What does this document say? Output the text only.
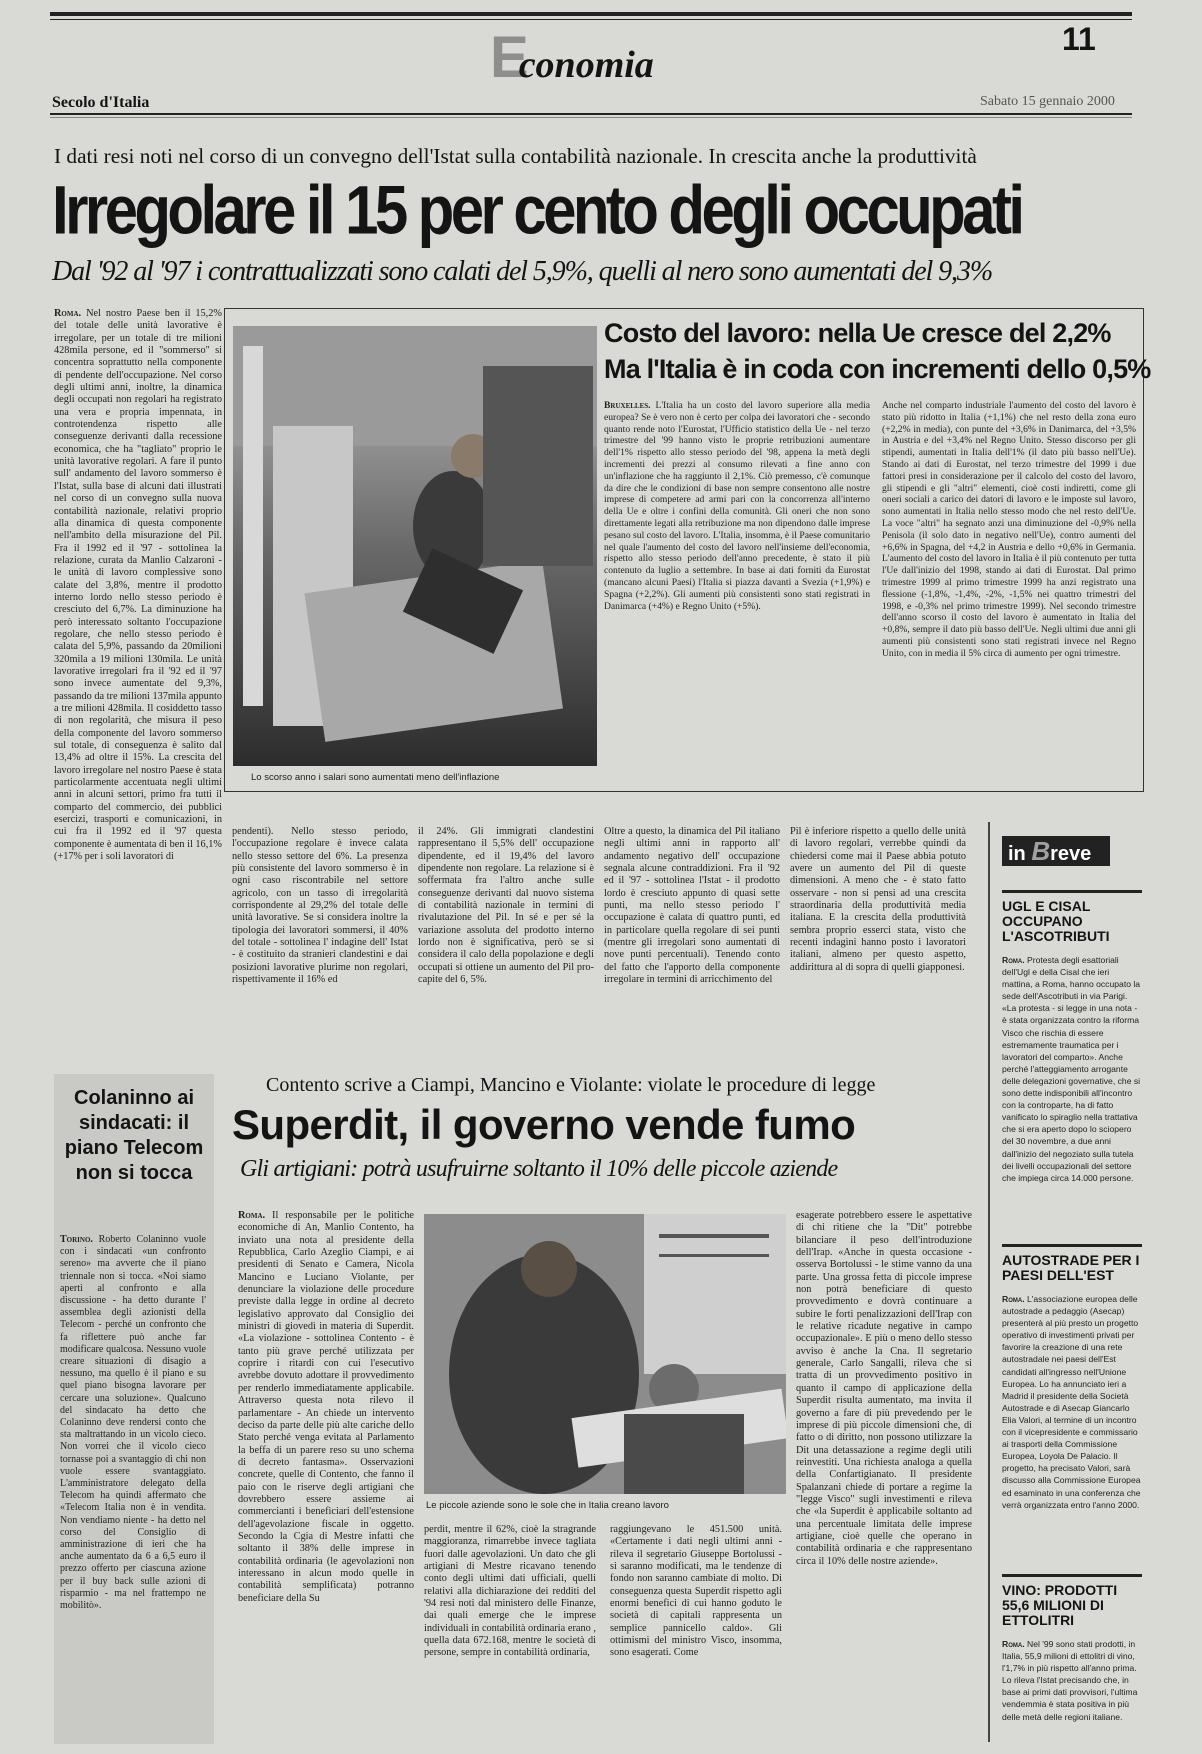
Economia
11
Secolo d'Italia	Sabato 15 gennaio 2000
I dati resi noti nel corso di un convegno dell'Istat sulla contabilità nazionale. In crescita anche la produttività
Irregolare il 15 per cento degli occupati
Dal '92 al '97 i contrattualizzati sono calati del 5,9%, quelli al nero sono aumentati del 9,3%
Roma. Nel nostro Paese ben il 15,2% del totale delle unità lavorative è irregolare, per un totale di tre milioni 428mila persone, ed il "sommerso" si concentra soprattutto nella componente di pendente dell'occupazione. Nel corso degli ultimi anni, inoltre, la dinamica degli occupati non regolari ha registrato una vera e propria impennata, in controtendenza rispetto alle conseguenze derivanti dalla recessione economica, che ha "tagliato" proprio le unità lavorative regolari. A fare il punto sull' andamento del lavoro sommerso è l'Istat, sulla base di alcuni dati illustrati nel corso di un convegno sulla nuova contabilità nazionale, relativi proprio alla dinamica di questa componente nell'ambito della misurazione del Pil. Fra il 1992 ed il '97 - sottolinea la relazione, curata da Manlio Calzaroni - le unità di lavoro complessive sono calate del 3,8%, mentre il prodotto interno lordo nello stesso periodo è cresciuto del 6,7%. La diminuzione ha però interessato soltanto l'occupazione regolare, che nello stesso periodo è calata del 5,9%, passando da 20milioni 320mila a 19 milioni 130mila. Le unità lavorative irregolari fra il '92 ed il '97 sono invece aumentate del 9,3%, passando da tre milioni 137mila appunto a tre milioni 428mila. Il cosiddetto tasso di non regolarità, che misura il peso della componente del lavoro sommerso sul totale, di conseguenza è salito dal 13,4% ad oltre il 15%. La crescita del lavoro irregolare nel nostro Paese è stata particolarmente accentuata negli ultimi anni in alcuni settori, primo fra tutti il comparto del commercio, dei pubblici esercizi, trasporti e comunicazioni, in cui fra il 1992 ed il '97 questa componente è aumentata di ben il 16,1% (+17% per i soli lavoratori di
Lo scorso anno i salari sono aumentati meno dell'inflazione
Costo del lavoro: nella Ue cresce del 2,2%
Ma l'Italia è in coda con incrementi dello 0,5%
Bruxelles. L'Italia ha un costo del lavoro superiore alla media europea? Se è vero non è certo per colpa dei lavoratori che - secondo quanto rende noto l'Eurostat, l'Ufficio statistico della Ue - nel terzo trimestre del '99 hanno visto le proprie retribuzioni aumentare dell'1% rispetto allo stesso periodo del '98, appena la metà degli incrementi dei prezzi al consumo rilevati a fine anno con un'inflazione che ha raggiunto il 2,1%. Ciò premesso, c'è comunque da dire che le condizioni di base non sempre consentono alle nostre imprese di competere ad armi pari con la concorrenza all'interno della Ue e oltre i confini della comunità. Gli oneri che non sono direttamente legati alla retribuzione ma non dipendono dalle imprese pesano sul costo del lavoro. L'Italia, insomma, è il Paese comunitario nel quale l'aumento del costo del lavoro nell'insieme dell'economia, rispetto allo stesso periodo dell'anno precedente, è stato il più contenuto da luglio a settembre. In base ai dati forniti da Eurostat (mancano alcuni Paesi) l'Italia si piazza davanti a Svezia (+1,9%) e Spagna (+2,2%). Gli aumenti più consistenti sono stati registrati in Danimarca (+4%) e Regno Unito (+5%).
Anche nel comparto industriale l'aumento del costo del lavoro è stato più ridotto in Italia (+1,1%) che nel resto della zona euro (+2,2% in media), con punte del +3,6% in Danimarca, del +3,5% in Austria e del +3,4% nel Regno Unito. Stesso discorso per gli stipendi, aumentati in Italia dell'1% (il dato più basso nell'Ue). Stando ai dati di Eurostat, nel terzo trimestre del 1999 i due fattori presi in considerazione per il calcolo del costo del lavoro, gli stipendi e gli "altri" elementi, cioè costi indiretti, come gli oneri sociali a carico dei datori di lavoro e le imposte sul lavoro, sono aumentati in Italia nello stesso modo che nel resto dell'Ue. La voce "altri" ha segnato anzi una diminuzione del -0,9% nella Penisola (il solo dato in negativo nell'Ue), contro aumenti del +6,6% in Spagna, del +4,2 in Austria e dello +0,6% in Germania. L'aumento del costo del lavoro in Italia è il più contenuto per tutta l'Ue dall'inizio del 1998, stando ai dati di Eurostat. Dal primo trimestre 1999 al primo trimestre 1999 ha anzi registrato una flessione (-1,8%, -1,4%, -2%, -1,5% nei quattro trimestri del 1998, e -0,3% nel primo trimestre 1999). Nel secondo trimestre dell'anno scorso il costo del lavoro è aumentato in Italia del +0,8%, sempre il dato più basso dell'Ue. Negli ultimi due anni gli aumenti più consistenti sono stati registrati invece nel Regno Unito, con in media il 5% circa di aumento per ogni trimestre.
pendenti). Nello stesso periodo, l'occupazione regolare è invece calata nello stesso settore del 6%. La presenza più consistente del lavoro sommerso è in ogni caso riscontrabile nel settore agricolo, con un tasso di irregolarità corrispondente al 29,2% del totale delle unità lavorative. Se si considera inoltre la tipologia dei lavoratori sommersi, il 40% del totale - sottolinea l' indagine dell' Istat - è costituito da stranieri clandestini e dai posizioni lavorative plurime non regolari, rispettivamente il 16% ed
il 24%. Gli immigrati clandestini rappresentano il 5,5% dell' occupazione dipendente, ed il 19,4% del lavoro dipendente non regolare. La relazione si è soffermata fra l'altro anche sulle conseguenze derivanti dal nuovo sistema di contabilità nazionale in termini di rivalutazione del Pil. In sé e per sé la variazione assoluta del prodotto interno lordo non è significativa, però se si considera il calo della popolazione e degli occupati si ottiene un aumento del Pil pro-capite del 6, 5%.
Oltre a questo, la dinamica del Pil italiano negli ultimi anni in rapporto all' andamento negativo dell' occupazione segnala alcune contraddizioni. Fra il '92 ed il '97 - sottolinea l'Istat - il prodotto lordo è cresciuto appunto di quasi sette punti, ma nello stesso periodo l' occupazione è calata di quattro punti, ed in particolare quella regolare di sei punti (mentre gli irregolari sono aumentati di nove punti percentuali). Tenendo conto del fatto che l'apporto della componente irregolare in termini di arricchimento del
Pil è inferiore rispetto a quello delle unità di lavoro regolari, verrebbe quindi da chiedersi come mai il Paese abbia potuto avere un aumento del Pil di queste dimensioni. A meno che - è stato fatto osservare - non si pensi ad una crescita straordinaria della produttività media italiana. E la crescita della produttività sembra proprio esserci stata, visto che recenti indagini hanno posto i lavoratori italiani, almeno per questo aspetto, addirittura al di sopra di quelli giapponesi.
in Breve
UGL E CISAL OCCUPANO L'ASCOTRIBUTI
Roma. Protesta degli esattoriali dell'Ugl e della Cisal che ieri mattina, a Roma, hanno occupato la sede dell'Ascotributi in via Parigi. «La protesta - si legge in una nota - è stata organizzata contro la riforma Visco che rischia di essere estremamente traumatica per i lavoratori del comparto». Anche perché l'atteggiamento arrogante delle delegazioni governative, che si sono dette indisponibili all'incontro con la controparte, ha di fatto vanificato lo spiraglio nella trattativa che si era aperto dopo lo sciopero del 30 novembre, a due anni dall'inizio del negoziato sulla tutela dei livelli occupazionali del settore che impiega circa 14.000 persone.
AUTOSTRADE PER I PAESI DELL'EST
Roma. L'associazione europea delle autostrade a pedaggio (Asecap) presenterà al più presto un progetto operativo di investimenti privati per favorire la creazione di una rete autostradale nei paesi dell'Est candidati all'ingresso nell'Unione Europea. Lo ha annunciato ieri a Madrid il presidente della Società Autostrade e di Asecap Giancarlo Elia Valori, al termine di un incontro con il vicepresidente e commissario ai trasporti della Commissione Europea, Loyola De Palacio. Il progetto, ha precisato Valori, sarà discusso alla Commissione Europea ed esaminato in una conferenza che verrà organizzata entro l'anno 2000.
VINO: PRODOTTI 55,6 MILIONI DI ETTOLITRI
Roma. Nel '99 sono stati prodotti, in Italia, 55,9 milioni di ettolitri di vino, l'1,7% in più rispetto all'anno prima. Lo rileva l'Istat precisando che, in base ai primi dati provvisori, l'ultima vendemmia è stata positiva in più delle metà delle regioni italiane.
Colaninno ai sindacati: il piano Telecom non si tocca
Torino. Roberto Colaninno vuole con i sindacati «un confronto sereno» ma avverte che il piano triennale non si tocca. «Noi siamo aperti al confronto e alla discussione - ha detto durante l' assemblea degli azionisti della Telecom - perché un confronto che fa riflettere può anche far modificare qualcosa. Nessuno vuole creare situazioni di disagio a nessuno, ma quello è il piano e su quel piano bisogna lavorare per cercare una soluzione». Qualcuno del sindacato ha detto che Colaninno deve rendersi conto che sta maltrattando in un vicolo cieco. Non vorrei che il vicolo cieco tornasse poi a svantaggio di chi non vuole essere svantaggiato. L'amministratore delegato della Telecom ha quindi affermato che «Telecom Italia non è in vendita. Non vendiamo niente - ha detto nel corso del Consiglio di amministrazione di ieri che ha anche aumentato da 6 a 6,5 euro il prezzo offerto per ciascuna azione per il buy back sulle azioni di risparmio - ma nel frattempo ne mobilitò».
Contento scrive a Ciampi, Mancino e Violante: violate le procedure di legge
Superdit, il governo vende fumo
Gli artigiani: potrà usufruirne soltanto il 10% delle piccole aziende
Roma. Il responsabile per le politiche economiche di An, Manlio Contento, ha inviato una nota al presidente della Repubblica, Carlo Azeglio Ciampi, e ai presidenti di Senato e Camera, Nicola Mancino e Luciano Violante, per denunciare la violazione delle procedure previste dalla legge in ordine al decreto legislativo approvato dal Consiglio dei ministri di giovedì in materia di Superdit. «La violazione - sottolinea Contento - è tanto più grave perché utilizzata per coprire i ritardi con cui l'esecutivo avrebbe dovuto adottare il provvedimento per renderlo immediatamente applicabile. Attraverso questa nota rilevo il parlamentare - An chiede un intervento deciso da parte delle più alte cariche dello Stato perché venga evitata al Parlamento la beffa di un parere reso su uno schema di decreto fantasma». Osservazioni concrete, quelle di Contento, che fanno il paio con le riserve degli artigiani che dovrebbero essere assieme ai commercianti i beneficiari dell'estensione dell'agevolazione fiscale in oggetto. Secondo la Cgia di Mestre infatti che soltanto il 38% delle imprese in contabilità ordinaria (le agevolazioni non interessano in alcun modo quelle in contabilità semplificata) potranno beneficiare della Su
Le piccole aziende sono le sole che in Italia creano lavoro
perdit, mentre il 62%, cioè la stragrande maggioranza, rimarrebbe invece tagliata fuori dalle agevolazioni. Un dato che gli artigiani di Mestre ricavano tenendo conto degli ultimi dati ufficiali, quelli relativi alla dichiarazione dei redditi del '94 resi noti dal ministero delle Finanze, dai quali emerge che le imprese individuali in contabilità ordinaria erano , quella data 672.168, mentre le società di persone, sempre in contabilità ordinaria,
raggiungevano le 451.500 unità. «Certamente i dati negli ultimi anni - rileva il segretario Giuseppe Bortolussi - si saranno modificati, ma le tendenze di fondo non saranno cambiate di molto. Di conseguenza questa Superdit rispetto agli enormi benefici di cui hanno goduto le società di capitali rappresenta un semplice pannicello caldo». Gli ottimismi del ministro Visco, insomma, sono esagerati. Come
esagerate potrebbero essere le aspettative di chi ritiene che la "Dit" potrebbe bilanciare il peso dell'introduzione dell'Irap. «Anche in questa occasione - osserva Bortolussi - le stime vanno da una parte. Una grossa fetta di piccole imprese non potrà beneficiare di questo provvedimento e dovrà continuare a subire le forti penalizzazioni dell'Irap con le relative ricadute negative in campo occupazionale». E più o meno dello stesso avviso è anche la Cna. Il segretario generale, Carlo Sangalli, rileva che si tratta di un provvedimento positivo in quanto il campo di applicazione della Superdit risulta aumentato, ma invita il governo a fare di più prevedendo per le imprese di più piccole dimensioni che, di fatto o di diritto, non possono utilizzare la Dit una detassazione a regime degli utili reinvestiti. Una richiesta analoga a quella della Confartigianato. Il presidente Spalanzani chiede di portare a regime la "legge Visco" sugli investimenti e rileva che «la Superdit è applicabile soltanto ad una percentuale limitata delle imprese artigiane, cioè quelle che operano in contabilità ordinaria e che rappresentano circa il 10% delle nostre aziende».
